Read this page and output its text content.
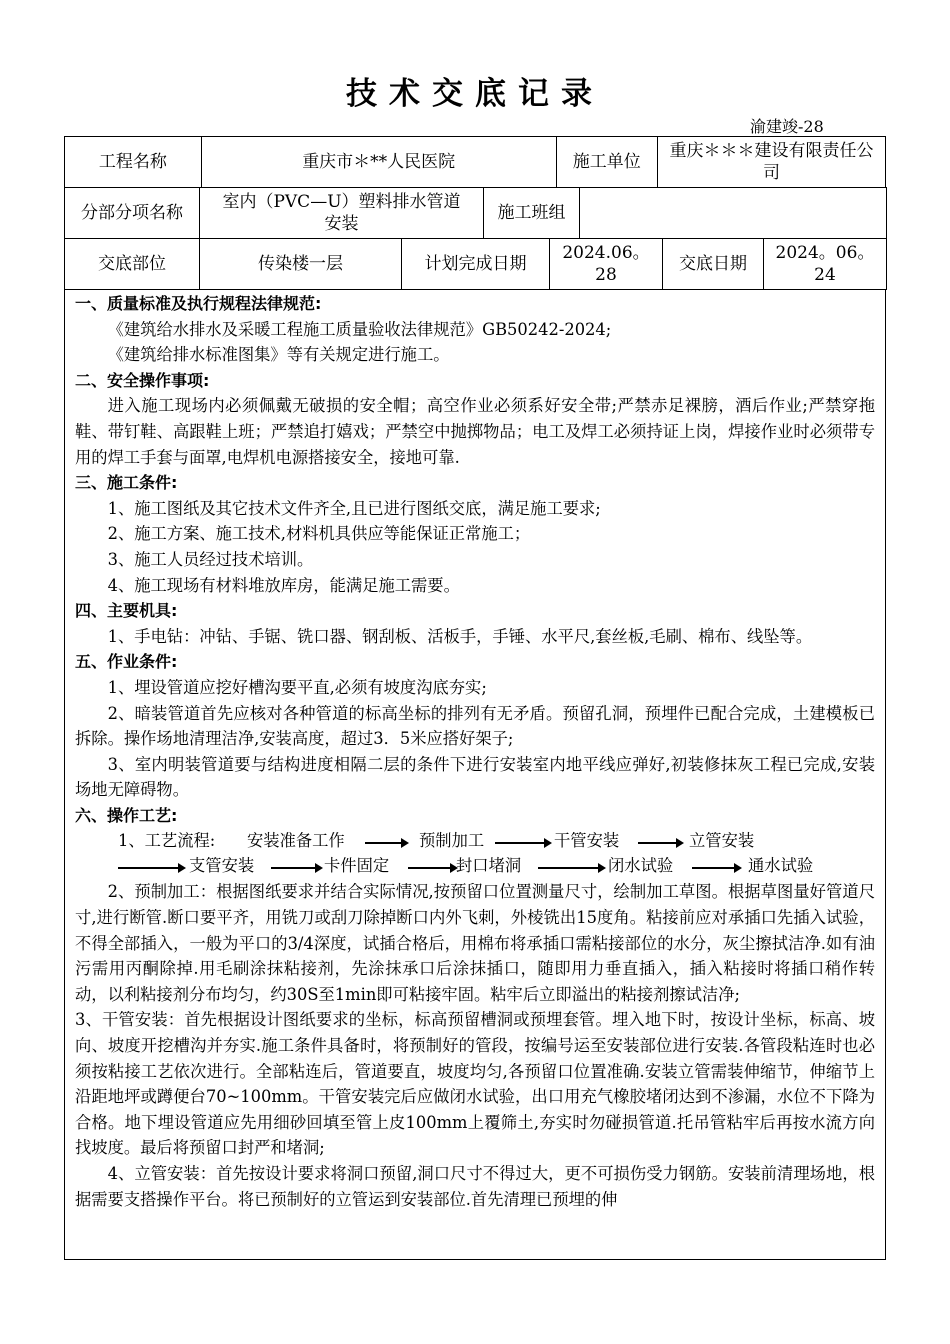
技术交底记录
渝建竣-28
工程名称	重庆市＊**人民医院	施工单位	重庆＊＊＊建设有限责任公司
分部分项名称	室内（PVC—U）塑料排水管道安装	施工班组	
交底部位	传染楼一层	计划完成日期	2024.06。28	交底日期	2024。06。24
一、质量标准及执行规程法律规范:
《建筑给水排水及采暖工程施工质量验收法律规范》GB50242-2024;
《建筑给排水标准图集》等有关规定进行施工。
二、安全操作事项:
进入施工现场内必须佩戴无破损的安全帽；高空作业必须系好安全带;严禁赤足裸膀，酒后作业;严禁穿拖鞋、带钉鞋、高跟鞋上班；严禁追打嬉戏；严禁空中抛掷物品；电工及焊工必须持证上岗，焊接作业时必须带专用的焊工手套与面罩,电焊机电源搭接安全，接地可靠.
三、施工条件:
1、施工图纸及其它技术文件齐全,且已进行图纸交底，满足施工要求;
2、施工方案、施工技术,材料机具供应等能保证正常施工；
3、施工人员经过技术培训。
4、施工现场有材料堆放库房，能满足施工需要。
四、主要机具:
1、手电钻：冲钻、手锯、铣口器、钢刮板、活板手，手锤、水平尺,套丝板,毛刷、棉布、线坠等。
五、作业条件:
1、埋设管道应挖好槽沟要平直,必须有坡度沟底夯实;
2、暗装管道首先应核对各种管道的标高坐标的排列有无矛盾。预留孔洞，预埋件已配合完成，土建模板已拆除。操作场地清理洁净,安装高度，超过3．5米应搭好架子;
3、室内明装管道要与结构进度相隔二层的条件下进行安装室内地平线应弹好,初装修抹灰工程已完成,安装场地无障碍物。
六、操作工艺:
1、工艺流程: 安装准备工作	预制加工	干管安装	立管安装
支管安装	卡件固定	封口堵洞	闭水试验	通水试验
2、预制加工：根据图纸要求并结合实际情况,按预留口位置测量尺寸，绘制加工草图。根据草图量好管道尺寸,进行断管.断口要平齐，用铣刀或刮刀除掉断口内外飞刺，外棱铣出15度角。粘接前应对承插口先插入试验，不得全部插入，一般为平口的3/4深度，试插合格后，用棉布将承插口需粘接部位的水分，灰尘擦拭洁净.如有油污需用丙酮除掉.用毛刷涂抹粘接剂，先涂抹承口后涂抹插口，随即用力垂直插入，插入粘接时将插口稍作转动，以利粘接剂分布均匀，约30S至1min即可粘接牢固。粘牢后立即溢出的粘接剂擦试洁净;
3、干管安装：首先根据设计图纸要求的坐标，标高预留槽洞或预埋套管。埋入地下时，按设计坐标，标高、坡向、坡度开挖槽沟并夯实.施工条件具备时，将预制好的管段，按编号运至安装部位进行安装.各管段粘连时也必须按粘接工艺依次进行。全部粘连后，管道要直，坡度均匀,各预留口位置准确.安装立管需装伸缩节，伸缩节上沿距地坪或蹲便台70~100mm。干管安装完后应做闭水试验，出口用充气橡胶堵闭达到不渗漏，水位不下降为合格。地下埋设管道应先用细砂回填至管上皮100mm上覆筛土,夯实时勿碰损管道.托吊管粘牢后再按水流方向找坡度。最后将预留口封严和堵洞;
4、立管安装：首先按设计要求将洞口预留,洞口尺寸不得过大，更不可损伤受力钢筋。安装前清理场地，根据需要支搭操作平台。将已预制好的立管运到安装部位.首先清理已预埋的伸
